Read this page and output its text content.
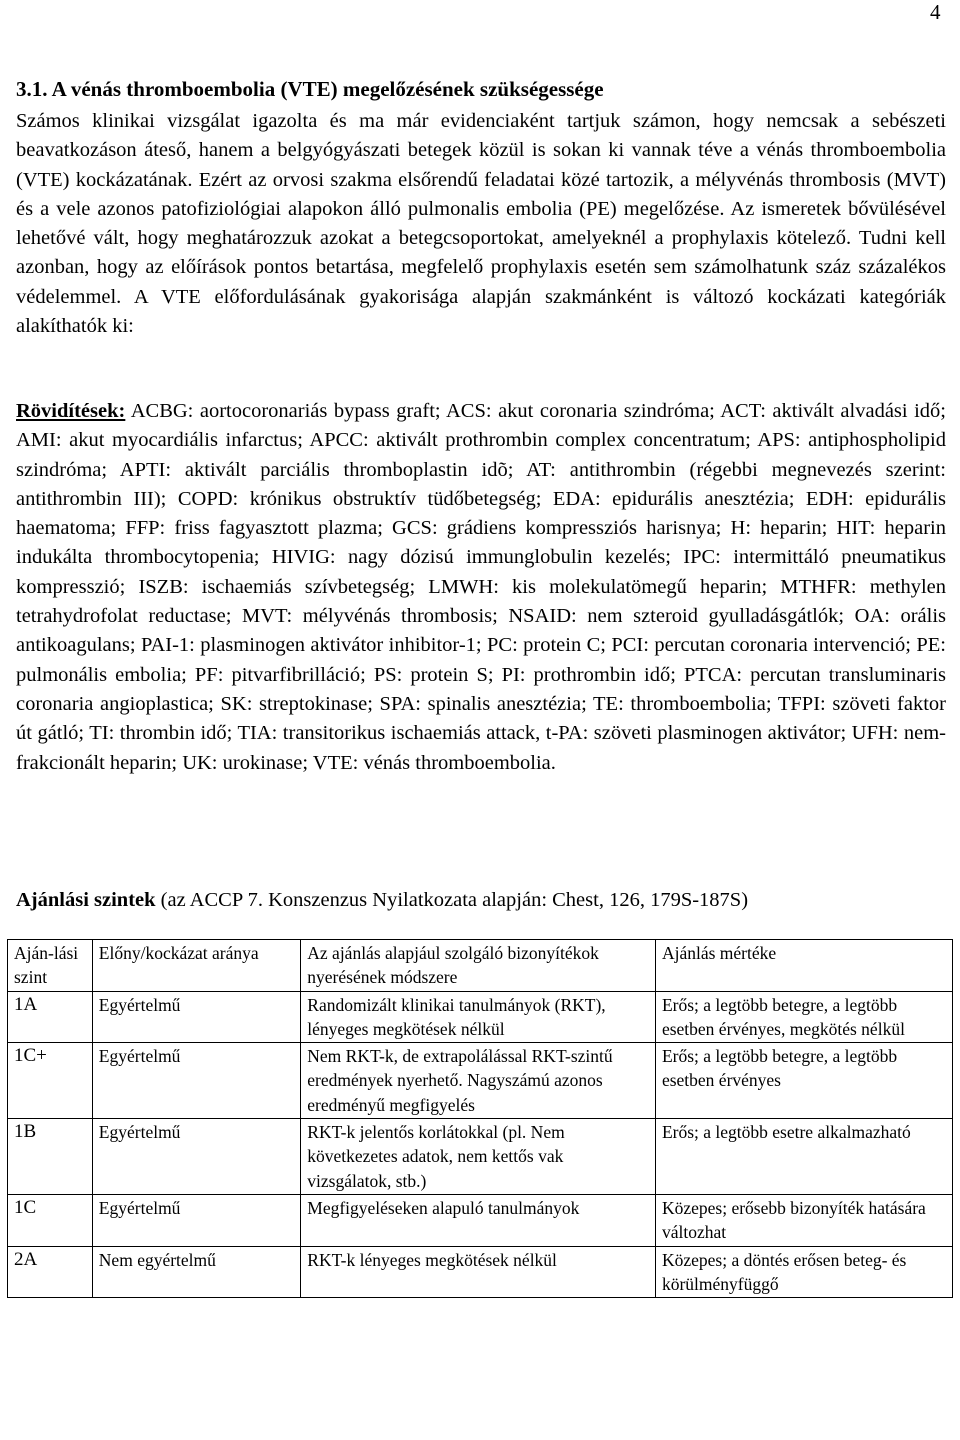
4
3.1. A vénás thromboembolia (VTE) megelőzésének szükségessége

Számos klinikai vizsgálat igazolta és ma már evidenciaként tartjuk számon, hogy nemcsak a sebészeti beavatkozáson áteső, hanem a belgyógyászati betegek közül is sokan ki vannak téve a vénás thromboembolia (VTE) kockázatának. Ezért az orvosi szakma elsőrendű feladatai közé tartozik, a mélyvénás thrombosis (MVT) és a vele azonos patofiziológiai alapokon álló pulmonalis embolia (PE) megelőzése. Az ismeretek bővülésével lehetővé vált, hogy meghatározzuk azokat a betegcsoportokat, amelyeknél a prophylaxis kötelező. Tudni kell azonban, hogy az előírások pontos betartása, megfelelő prophylaxis esetén sem számolhatunk száz százalékos védelemmel. A VTE előfordulásának gyakorisága alapján szakmánként is változó kockázati kategóriák alakíthatók ki:

Rövidítések: ACBG: aortocoronariás bypass graft; ACS: akut coronaria szindróma; ACT: aktivált alvadási idő; AMI: akut myocardiális infarctus; APCC: aktivált prothrombin complex concentratum; APS: antiphospholipid szindróma; APTI: aktivált parciális thromboplastin idõ; AT: antithrombin (régebbi megnevezés szerint: antithrombin III); COPD: krónikus obstruktív tüdőbetegség; EDA: epidurális anesztézia; EDH: epidurális haematoma; FFP: friss fagyasztott plazma; GCS: grádiens kompressziós harisnya; H: heparin; HIT: heparin indukálta thrombocytopenia; HIVIG: nagy dózisú immunglobulin kezelés; IPC: intermittáló pneumatikus kompresszió; ISZB: ischaemiás szívbetegség; LMWH: kis molekulatömegű heparin; MTHFR: methylen tetrahydrofolat reductase; MVT: mélyvénás thrombosis; NSAID: nem szteroid gyulladásgátlók; OA: orális antikoagulans; PAI-1: plasminogen aktivátor inhibitor-1; PC: protein C; PCI: percutan coronaria intervenció; PE: pulmonális embolia; PF: pitvarfibrilláció; PS: protein S; PI: prothrombin idő; PTCA: percutan transluminaris coronaria angioplastica; SK: streptokinase; SPA: spinalis anesztézia; TE: thromboembolia; TFPI: szöveti faktor út gátló; TI: thrombin idő; TIA: transitorikus ischaemiás attack, t-PA: szöveti plasminogen aktivátor; UFH: nem-frakcionált heparin; UK: urokinase; VTE: vénás thromboembolia.
Ajánlási szintek (az ACCP 7. Konszenzus Nyilatkozata alapján: Chest, 126, 179S-187S)
Aján-lási szint	Előny/kockázat aránya	Az ajánlás alapjául szolgáló bizonyítékok nyerésének módszere	Ajánlás mértéke
1A	Egyértelmű	Randomizált klinikai tanulmányok (RKT), lényeges megkötések nélkül	Erős; a legtöbb betegre, a legtöbb esetben érvényes, megkötés nélkül
1C+	Egyértelmű	Nem RKT-k, de extrapolálással RKT-szintű eredmények nyerhető. Nagyszámú azonos eredményű megfigyelés	Erős; a legtöbb betegre, a legtöbb esetben érvényes
1B	Egyértelmű	RKT-k jelentős korlátokkal (pl. Nem következetes adatok, nem kettős vak vizsgálatok, stb.)	Erős; a legtöbb esetre alkalmazható
1C	Egyértelmű	Megfigyeléseken alapuló tanulmányok	Közepes; erősebb bizonyíték hatására változhat
2A	Nem egyértelmű	RKT-k lényeges megkötések nélkül	Közepes; a döntés erősen beteg- és körülményfüggő
